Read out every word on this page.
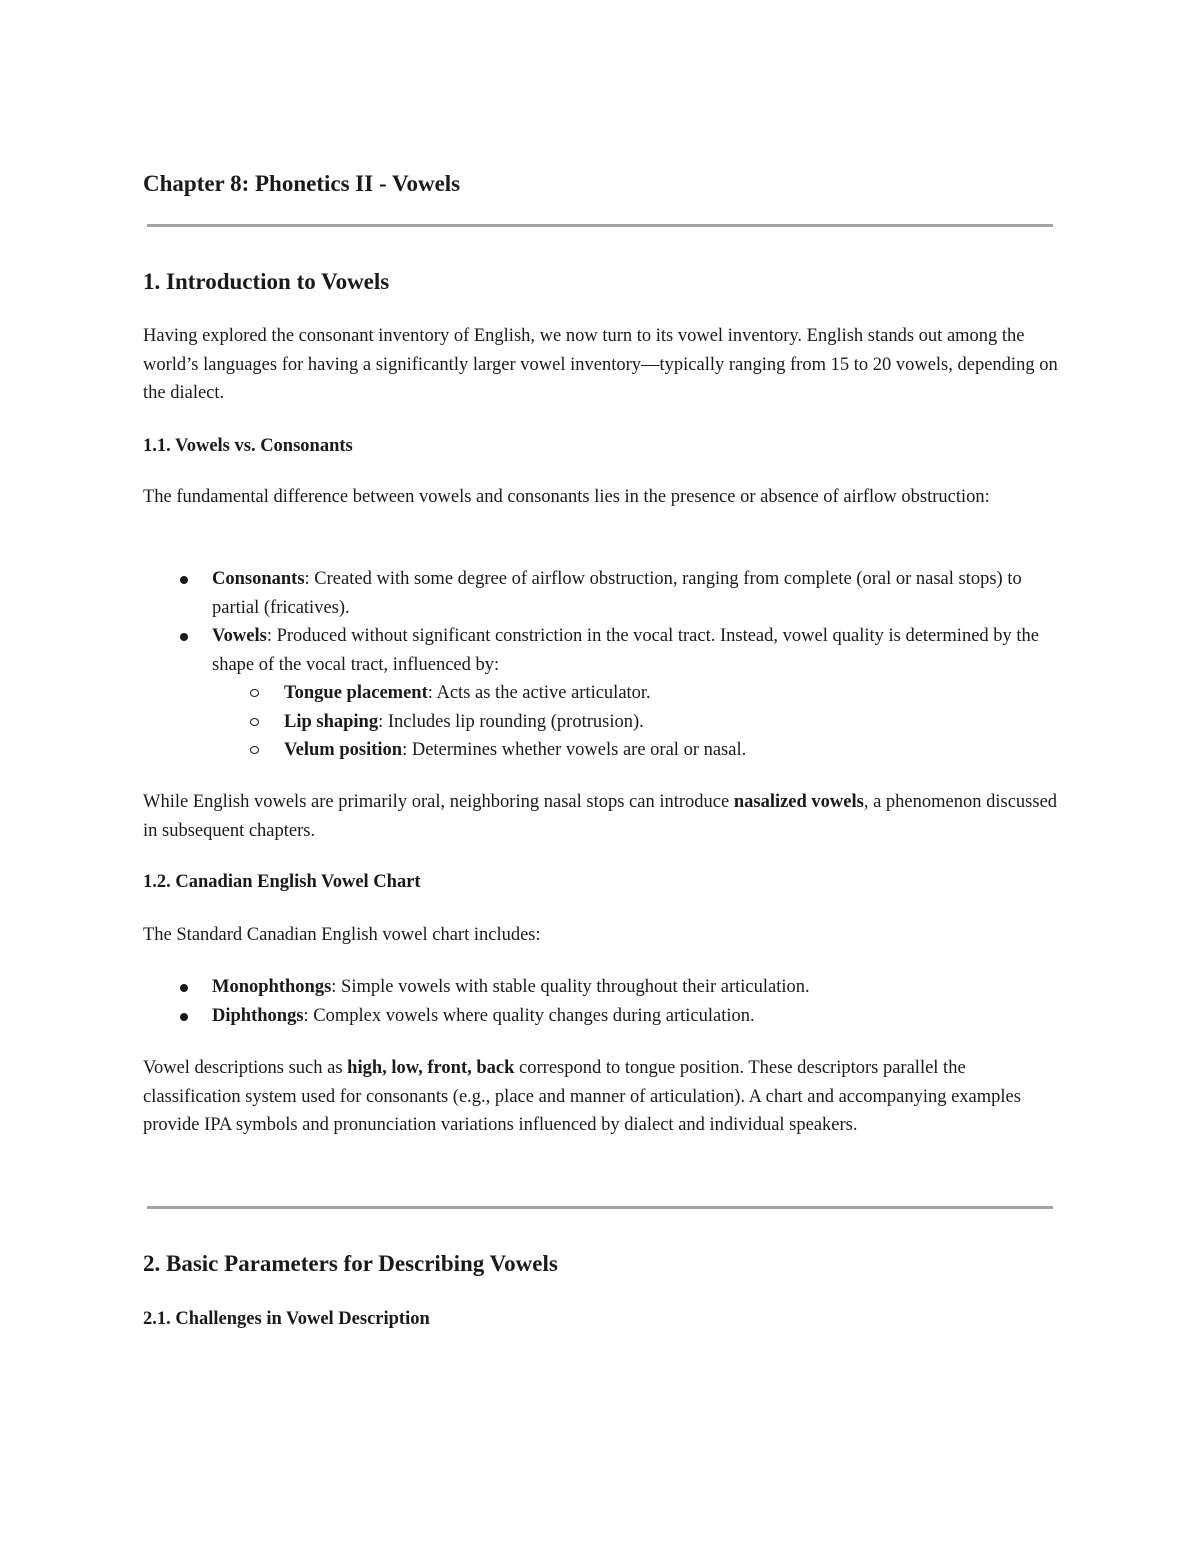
Chapter 8: Phonetics II - Vowels
1. Introduction to Vowels

Having explored the consonant inventory of English, we now turn to its vowel inventory. English stands out among the world’s languages for having a significantly larger vowel inventory—typically ranging from 15 to 20 vowels, depending on the dialect.

1.1. Vowels vs. Consonants

The fundamental difference between vowels and consonants lies in the presence or absence of airflow obstruction:

Consonants: Created with some degree of airflow obstruction, ranging from complete (oral or nasal stops) to partial (fricatives).
Vowels: Produced without significant constriction in the vocal tract. Instead, vowel quality is determined by the shape of the vocal tract, influenced by:
Tongue placement: Acts as the active articulator.
Lip shaping: Includes lip rounding (protrusion).
Velum position: Determines whether vowels are oral or nasal.

While English vowels are primarily oral, neighboring nasal stops can introduce nasalized vowels, a phenomenon discussed in subsequent chapters.

1.2. Canadian English Vowel Chart

The Standard Canadian English vowel chart includes:

Monophthongs: Simple vowels with stable quality throughout their articulation.
Diphthongs: Complex vowels where quality changes during articulation.

Vowel descriptions such as high, low, front, back correspond to tongue position. These descriptors parallel the classification system used for consonants (e.g., place and manner of articulation). A chart and accompanying examples provide IPA symbols and pronunciation variations influenced by dialect and individual speakers.

2. Basic Parameters for Describing Vowels
2.1. Challenges in Vowel Description
